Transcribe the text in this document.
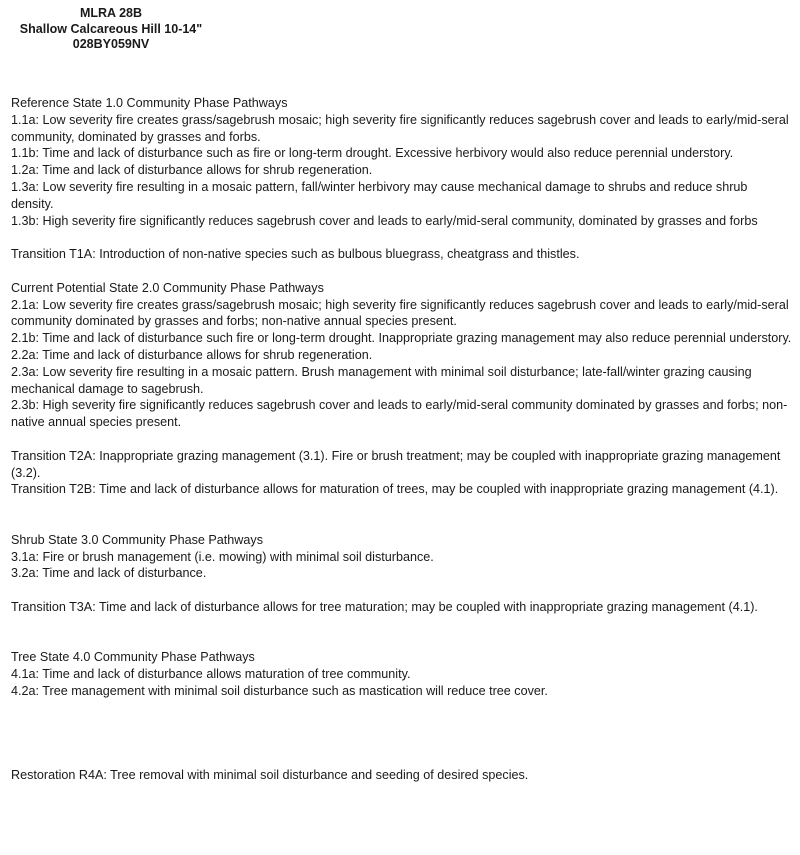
MLRA 28B
Shallow Calcareous Hill 10-14"
028BY059NV
Reference State 1.0 Community Phase Pathways
1.1a: Low severity fire creates grass/sagebrush mosaic; high severity fire significantly reduces sagebrush cover and leads to early/mid-seral community, dominated by grasses and forbs.
1.1b: Time and lack of disturbance such as fire or long-term drought. Excessive herbivory would also reduce perennial understory.
1.2a: Time and lack of disturbance allows for shrub regeneration.
1.3a: Low severity fire resulting in a mosaic pattern, fall/winter herbivory may cause mechanical damage to shrubs and reduce shrub density.
1.3b: High severity fire significantly reduces sagebrush cover and leads to early/mid-seral community, dominated by grasses and forbs
Transition T1A: Introduction of non-native species such as bulbous bluegrass, cheatgrass and thistles.
Current Potential State 2.0 Community Phase Pathways
2.1a: Low severity fire creates grass/sagebrush mosaic; high severity fire significantly reduces sagebrush cover and leads to early/mid-seral community dominated by grasses and forbs; non-native annual species present.
2.1b: Time and lack of disturbance such fire or long-term drought. Inappropriate grazing management may also reduce perennial understory.
2.2a: Time and lack of disturbance allows for shrub regeneration.
2.3a: Low severity fire resulting in a mosaic pattern. Brush management with minimal soil disturbance; late-fall/winter grazing causing mechanical damage to sagebrush.
2.3b: High severity fire significantly reduces sagebrush cover and leads to early/mid-seral community dominated by grasses and forbs; non-native annual species present.
Transition T2A: Inappropriate grazing management (3.1). Fire or brush treatment; may be coupled with inappropriate grazing management (3.2).
Transition T2B: Time and lack of disturbance allows for maturation of trees, may be coupled with inappropriate grazing management (4.1).
Shrub State 3.0 Community Phase Pathways
3.1a: Fire or brush management (i.e. mowing) with minimal soil disturbance.
3.2a: Time and lack of disturbance.
Transition T3A: Time and lack of disturbance allows for tree maturation; may be coupled with inappropriate grazing management (4.1).
Tree State 4.0 Community Phase Pathways
4.1a: Time and lack of disturbance allows maturation of tree community.
4.2a: Tree management with minimal soil disturbance such as mastication will reduce tree cover.
Restoration R4A: Tree removal with minimal soil disturbance and seeding of desired species.
